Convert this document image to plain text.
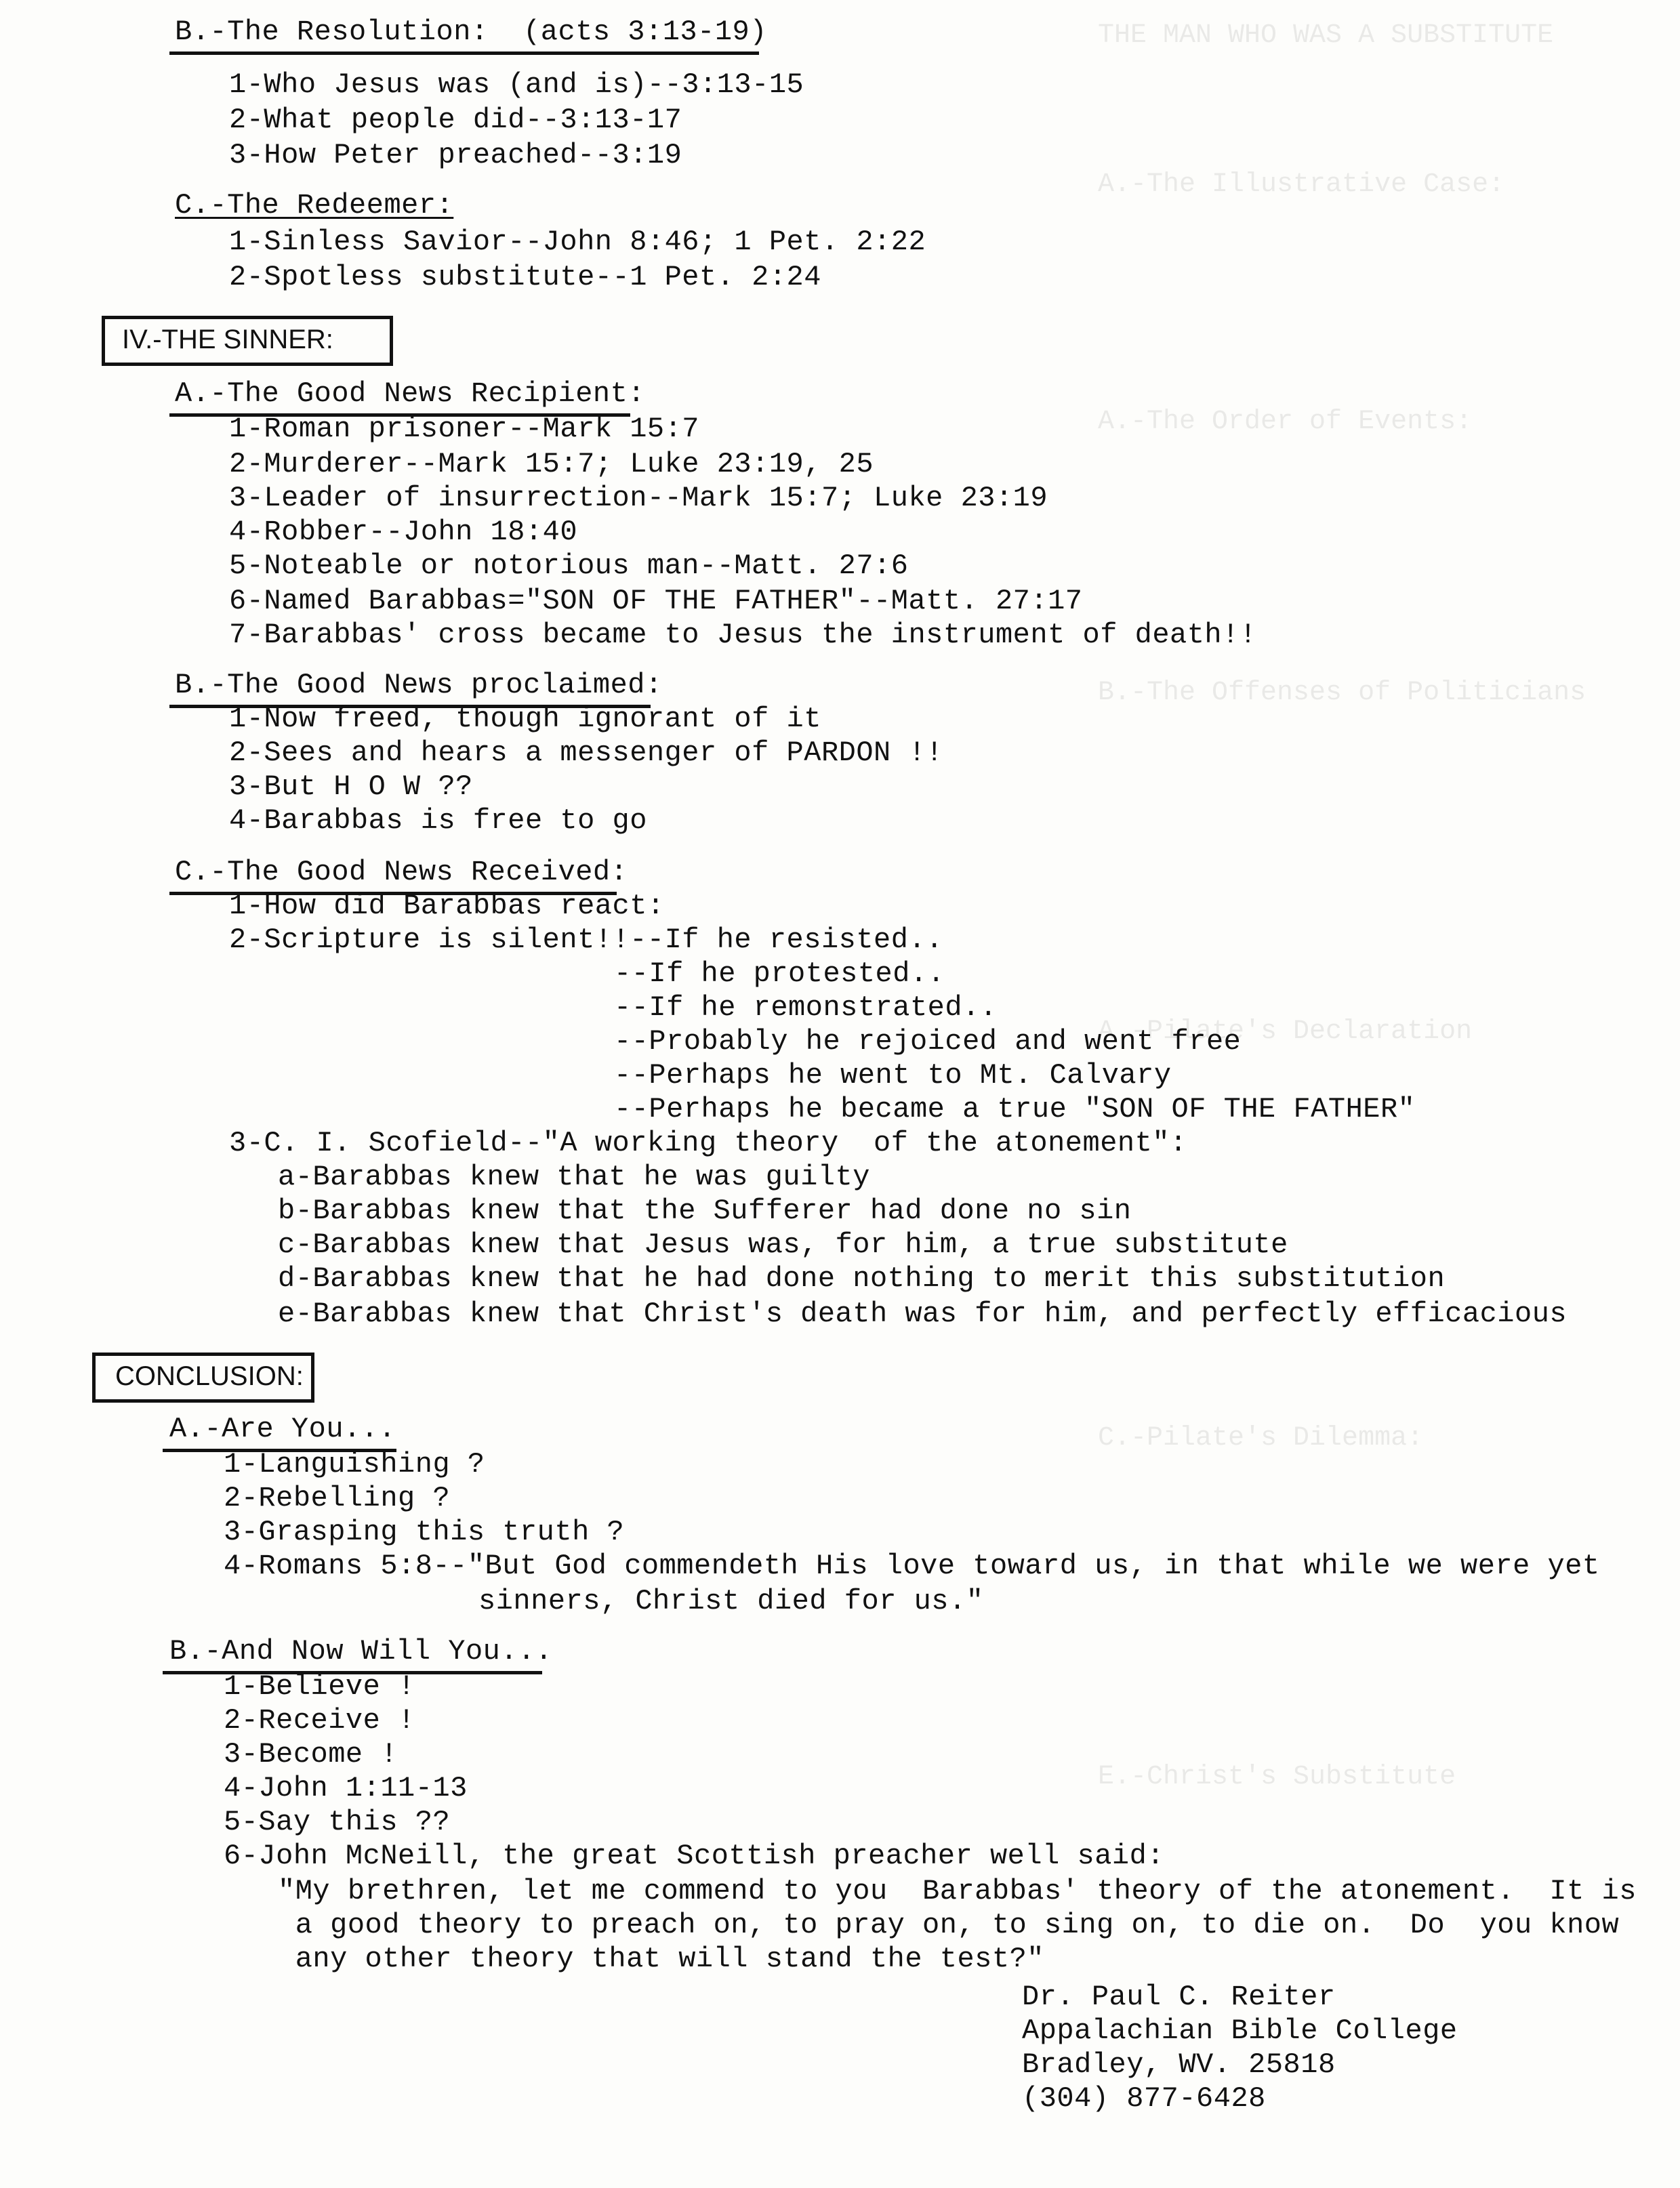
THE MAN WHO WAS A SUBSTITUTE
A.-The Illustrative Case:
A.-The Order of Events:
B.-The Offenses of Politicians
A.-Pilate's Declaration
C.-Pilate's Dilemma:
E.-Christ's Substitute
B.-The Resolution:  (acts 3:13-19)
1-Who Jesus was (and is)--3:13-15
2-What people did--3:13-17
3-How Peter preached--3:19
C.-The Redeemer:
1-Sinless Savior--John 8:46; 1 Pet. 2:22
2-Spotless substitute--1 Pet. 2:24
IV.-THE SINNER:
A.-The Good News Recipient:
1-Roman prisoner--Mark 15:7
2-Murderer--Mark 15:7; Luke 23:19, 25
3-Leader of insurrection--Mark 15:7; Luke 23:19
4-Robber--John 18:40
5-Noteable or notorious man--Matt. 27:6
6-Named Barabbas="SON OF THE FATHER"--Matt. 27:17
7-Barabbas' cross became to Jesus the instrument of death!!
B.-The Good News proclaimed:
1-Now freed, though ignorant of it
2-Sees and hears a messenger of PARDON !!
3-But H O W ??
4-Barabbas is free to go
C.-The Good News Received:
1-How did Barabbas react:
2-Scripture is silent!!--If he resisted..
--If he protested..
--If he remonstrated..
--Probably he rejoiced and went free
--Perhaps he went to Mt. Calvary
--Perhaps he became a true "SON OF THE FATHER"
3-C. I. Scofield--"A working theory  of the atonement":
a-Barabbas knew that he was guilty
b-Barabbas knew that the Sufferer had done no sin
c-Barabbas knew that Jesus was, for him, a true substitute
d-Barabbas knew that he had done nothing to merit this substitution
e-Barabbas knew that Christ's death was for him, and perfectly efficacious
CONCLUSION:
A.-Are You...
1-Languishing ?
2-Rebelling ?
3-Grasping this truth ?
4-Romans 5:8--"But God commendeth His love toward us, in that while we were yet
sinners, Christ died for us."
B.-And Now Will You...
1-Believe !
2-Receive !
3-Become !
4-John 1:11-13
5-Say this ??
6-John McNeill, the great Scottish preacher well said:
"My brethren, let me commend to you  Barabbas' theory of the atonement.  It is
a good theory to preach on, to pray on, to sing on, to die on.  Do  you know
any other theory that will stand the test?"
Dr. Paul C. Reiter
Appalachian Bible College
Bradley, WV. 25818
(304) 877-6428
